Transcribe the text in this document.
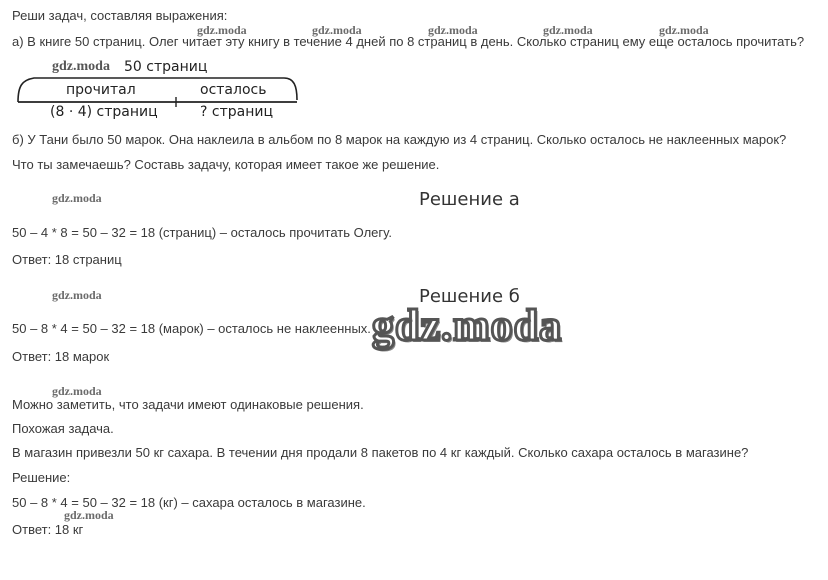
gdz.moda	gdz.moda	gdz.moda	gdz.moda	gdz.moda
Реши задач, составляя выражения:
а) В книге 50 страниц. Олег читает эту книгу в течение 4 дней по 8 страниц в день. Сколько страниц ему еще осталось прочитать?
gdz.moda 50 страниц
прочитал	осталось
(8 · 4) страниц	? страниц
б) У Тани было 50 марок. Она наклеила в альбом по 8 марок на каждую из 4 страниц. Сколько осталось не наклеенных марок?
Что ты замечаешь? Составь задачу, которая имеет такое же решение.
gdz.moda	Решение а
50 – 4 * 8 = 50 – 32 = 18 (страниц) – осталось прочитать Олегу.
Ответ: 18 страниц
gdz.moda	Решение б
50 – 8 * 4 = 50 – 32 = 18 (марок) – осталось не наклеенных. gdz.moda
Ответ: 18 марок
gdz.moda
Можно заметить, что задачи имеют одинаковые решения.
Похожая задача.
В магазин привезли 50 кг сахара. В течении дня продали 8 пакетов по 4 кг каждый. Сколько сахара осталось в магазине?
Решение:
50 – 8 * 4 = 50 – 32 = 18 (кг) – сахара осталось в магазине.
gdz.moda
Ответ: 18 кг
